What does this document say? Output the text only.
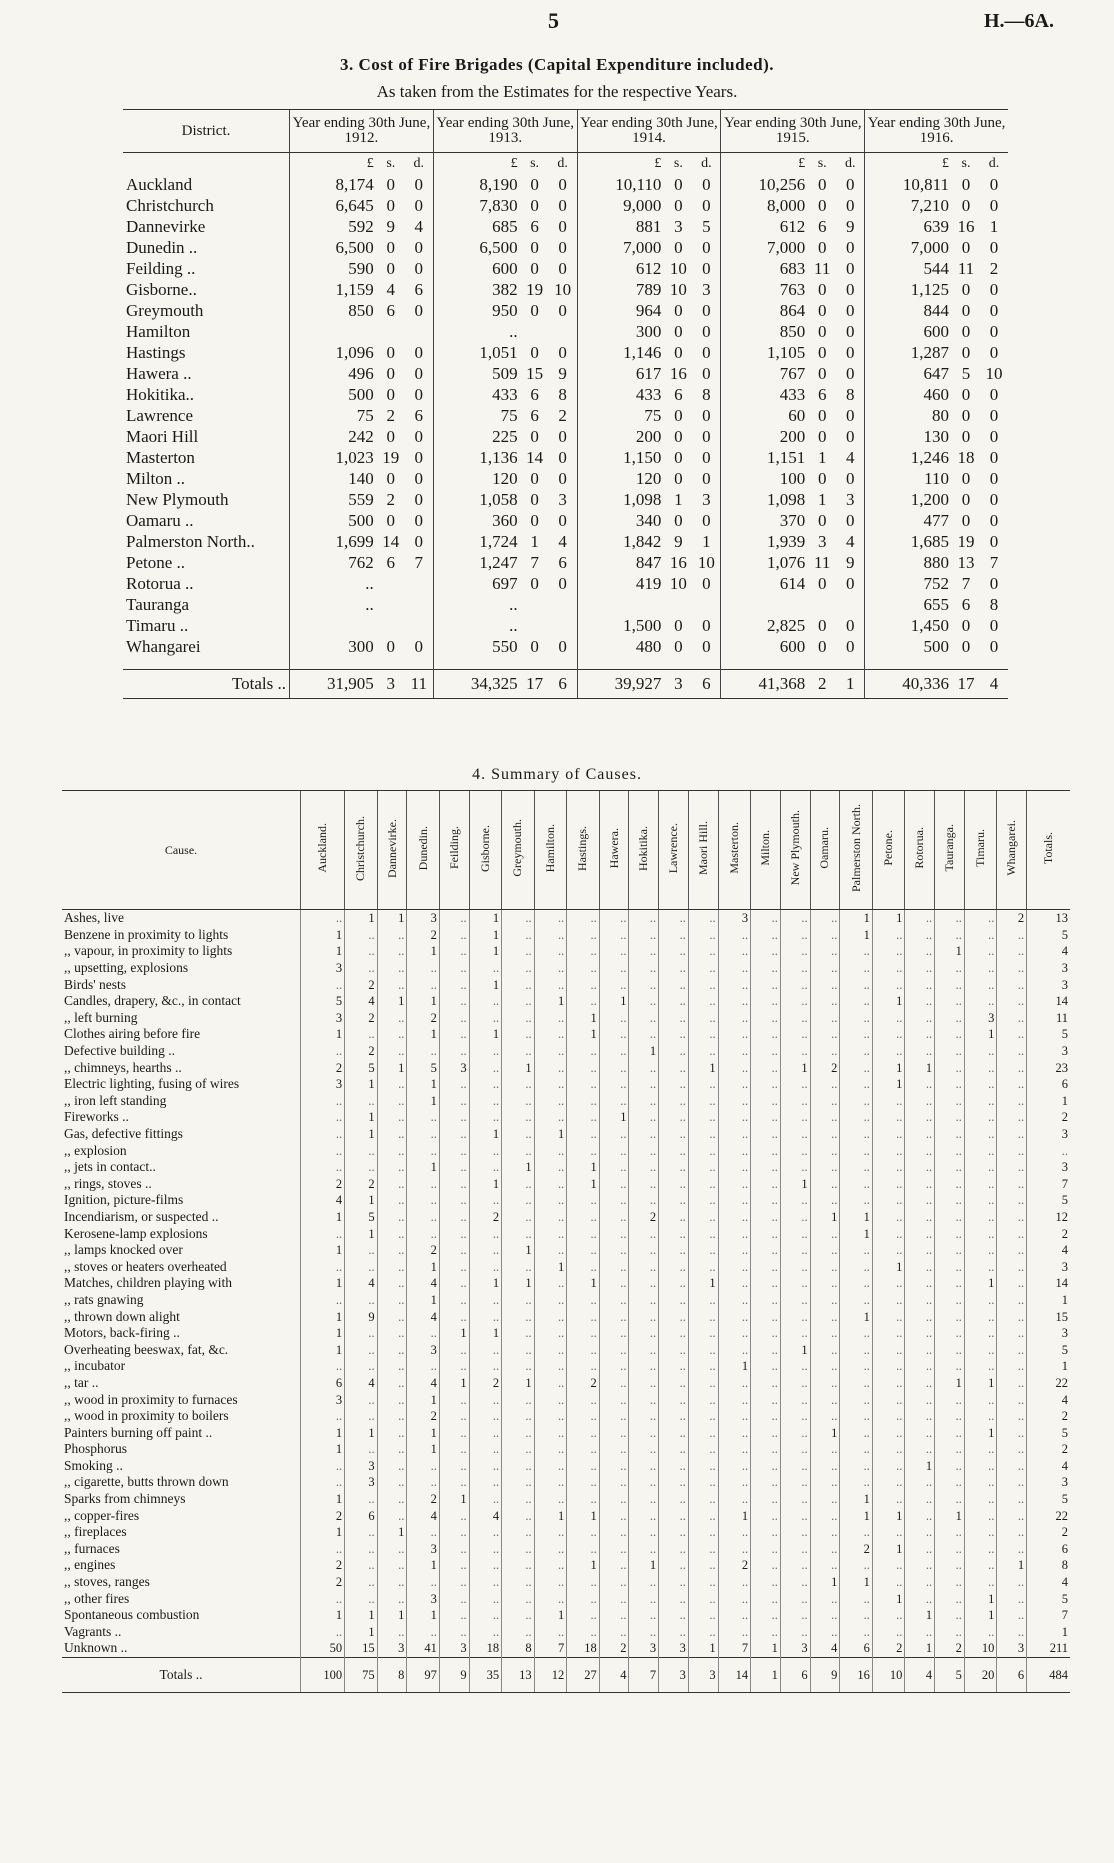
5	H.—6A.
3. Cost of Fire Brigades (Capital Expenditure included).
As taken from the Estimates for the respective Years.
District.	Year ending 30th June, 1912.			Year ending 30th June, 1913.			Year ending 30th June, 1914.			Year ending 30th June, 1915.			Year ending 30th June, 1916.		
	£	s.	d.	£	s.	d.	£	s.	d.	£	s.	d.	£	s.	d.
Auckland	8,174	0	0	8,190	0	0	10,110	0	0	10,256	0	0	10,811	0	0
Christchurch	6,645	0	0	7,830	0	0	9,000	0	0	8,000	0	0	7,210	0	0
Dannevirke	592	9	4	685	6	0	881	3	5	612	6	9	639	16	1
Dunedin ..	6,500	0	0	6,500	0	0	7,000	0	0	7,000	0	0	7,000	0	0
Feilding ..	590	0	0	600	0	0	612	10	0	683	11	0	544	11	2
Gisborne..	1,159	4	6	382	19	10	789	10	3	763	0	0	1,125	0	0
Greymouth	850	6	0	950	0	0	964	0	0	864	0	0	844	0	0
Hamilton				..			300	0	0	850	0	0	600	0	0
Hastings	1,096	0	0	1,051	0	0	1,146	0	0	1,105	0	0	1,287	0	0
Hawera ..	496	0	0	509	15	9	617	16	0	767	0	0	647	5	10
Hokitika..	500	0	0	433	6	8	433	6	8	433	6	8	460	0	0
Lawrence	75	2	6	75	6	2	75	0	0	60	0	0	80	0	0
Maori Hill	242	0	0	225	0	0	200	0	0	200	0	0	130	0	0
Masterton	1,023	19	0	1,136	14	0	1,150	0	0	1,151	1	4	1,246	18	0
Milton ..	140	0	0	120	0	0	120	0	0	100	0	0	110	0	0
New Plymouth	559	2	0	1,058	0	3	1,098	1	3	1,098	1	3	1,200	0	0
Oamaru ..	500	0	0	360	0	0	340	0	0	370	0	0	477	0	0
Palmerston North..	1,699	14	0	1,724	1	4	1,842	9	1	1,939	3	4	1,685	19	0
Petone ..	762	6	7	1,247	7	6	847	16	10	1,076	11	9	880	13	7
Rotorua ..	..			697	0	0	419	10	0	614	0	0	752	7	0
Tauranga	..			..									655	6	8
Timaru ..				..			1,500	0	0	2,825	0	0	1,450	0	0
Whangarei	300	0	0	550	0	0	480	0	0	600	0	0	500	0	0

Totals ..	31,905	3	11	34,325	17	6	39,927	3	6	41,368	2	1	40,336	17	4
4. Summary of Causes.
Cause.	Auckland.	Christchurch.	Dannevirke.	Dunedin.	Feilding.	Gisborne.	Greymouth.	Hamilton.	Hastings.	Hawera.	Hokitika.	Lawrence.	Maori Hill.	Masterton.	Milton.	New Plymouth.	Oamaru.	Palmerston North.	Petone.	Rotorua.	Tauranga.	Timaru.	Whangarei.	Totals.
Ashes, live	..	1	1	3	..	1	..	..	..	..	..	..	..	3	..	..	..	1	1	..	..	..	2	13
Benzene in proximity to lights	1	..	..	2	..	1	..	..	..	..	..	..	..	..	..	..	..	1	..	..	..	..	..	5
,, vapour, in proximity to lights	1	..	..	1	..	1	..	..	..	..	..	..	..	..	..	..	..	..	..	..	1	..	..	4
,, upsetting, explosions	3	..	..	..	..	..	..	..	..	..	..	..	..	..	..	..	..	..	..	..	..	..	..	3
Birds' nests	..	2	..	..	..	1	..	..	..	..	..	..	..	..	..	..	..	..	..	..	..	..	..	3
Candles, drapery, &c., in contact	5	4	1	1	..	..	..	1	..	1	..	..	..	..	..	..	..	..	1	..	..	..	..	14
,, left burning	3	2	..	2	..	..	..	..	1	..	..	..	..	..	..	..	..	..	..	..	..	3	..	11
Clothes airing before fire	1	..	..	1	..	1	..	..	1	..	..	..	..	..	..	..	..	..	..	..	..	1	..	5
Defective building ..	..	2	..	..	..	..	..	..	..	..	1	..	..	..	..	..	..	..	..	..	..	..	..	3
,, chimneys, hearths ..	2	5	1	5	3	..	1	..	..	..	..	..	1	..	..	1	2	..	1	1	..	..	..	23
Electric lighting, fusing of wires	3	1	..	1	..	..	..	..	..	..	..	..	..	..	..	..	..	..	1	..	..	..	..	6
,, iron left standing	..	..	..	1	..	..	..	..	..	..	..	..	..	..	..	..	..	..	..	..	..	..	..	1
Fireworks ..	..	1	..	..	..	..	..	..	..	1	..	..	..	..	..	..	..	..	..	..	..	..	..	2
Gas, defective fittings	..	1	..	..	..	1	..	1	..	..	..	..	..	..	..	..	..	..	..	..	..	..	..	3
,, explosion	..	..	..	..	..	..	..	..	..	..	..	..	..	..	..	..	..	..	..	..	..	..	..	..
,, jets in contact..	..	..	..	1	..	..	1	..	1	..	..	..	..	..	..	..	..	..	..	..	..	..	..	3
,, rings, stoves ..	2	2	..	..	..	1	..	..	1	..	..	..	..	..	..	1	..	..	..	..	..	..	..	7
Ignition, picture-films	4	1	..	..	..	..	..	..	..	..	..	..	..	..	..	..	..	..	..	..	..	..	..	5
Incendiarism, or suspected ..	1	5	..	..	..	2	..	..	..	..	2	..	..	..	..	..	1	1	..	..	..	..	..	12
Kerosene-lamp explosions	..	1	..	..	..	..	..	..	..	..	..	..	..	..	..	..	..	1	..	..	..	..	..	2
,, lamps knocked over	1	..	..	2	..	..	1	..	..	..	..	..	..	..	..	..	..	..	..	..	..	..	..	4
,, stoves or heaters overheated	..	..	..	1	..	..	..	1	..	..	..	..	..	..	..	..	..	..	1	..	..	..	..	3
Matches, children playing with	1	4	..	4	..	1	1	..	1	..	..	..	1	..	..	..	..	..	..	..	..	1	..	14
,, rats gnawing	..	..	..	1	..	..	..	..	..	..	..	..	..	..	..	..	..	..	..	..	..	..	..	1
,, thrown down alight	1	9	..	4	..	..	..	..	..	..	..	..	..	..	..	..	..	1	..	..	..	..	..	15
Motors, back-firing ..	1	..	..	..	1	1	..	..	..	..	..	..	..	..	..	..	..	..	..	..	..	..	..	3
Overheating beeswax, fat, &c.	1	..	..	3	..	..	..	..	..	..	..	..	..	..	..	1	..	..	..	..	..	..	..	5
,, incubator	..	..	..	..	..	..	..	..	..	..	..	..	..	1	..	..	..	..	..	..	..	..	..	1
,, tar ..	6	4	..	4	1	2	1	..	2	..	..	..	..	..	..	..	..	..	..	..	1	1	..	22
,, wood in proximity to furnaces	3	..	..	1	..	..	..	..	..	..	..	..	..	..	..	..	..	..	..	..	..	..	..	4
,, wood in proximity to boilers	..	..	..	2	..	..	..	..	..	..	..	..	..	..	..	..	..	..	..	..	..	..	..	2
Painters burning off paint ..	1	1	..	1	..	..	..	..	..	..	..	..	..	..	..	..	1	..	..	..	..	1	..	5
Phosphorus	1	..	..	1	..	..	..	..	..	..	..	..	..	..	..	..	..	..	..	..	..	..	..	2
Smoking ..	..	3	..	..	..	..	..	..	..	..	..	..	..	..	..	..	..	..	..	1	..	..	..	4
,, cigarette, butts thrown down	..	3	..	..	..	..	..	..	..	..	..	..	..	..	..	..	..	..	..	..	..	..	..	3
Sparks from chimneys	1	..	..	2	1	..	..	..	..	..	..	..	..	..	..	..	..	1	..	..	..	..	..	5
,, copper-fires	2	6	..	4	..	4	..	1	1	..	..	..	..	1	..	..	..	1	1	..	1	..	..	22
,, fireplaces	1	..	1	..	..	..	..	..	..	..	..	..	..	..	..	..	..	..	..	..	..	..	..	2
,, furnaces	..	..	..	3	..	..	..	..	..	..	..	..	..	..	..	..	..	2	1	..	..	..	..	6
,, engines	2	..	..	1	..	..	..	..	1	..	1	..	..	2	..	..	..	..	..	..	..	..	1	8
,, stoves, ranges	2	..	..	..	..	..	..	..	..	..	..	..	..	..	..	..	1	1	..	..	..	..	..	4
,, other fires	..	..	..	3	..	..	..	..	..	..	..	..	..	..	..	..	..	..	1	..	..	1	..	5
Spontaneous combustion	1	1	1	1	..	..	..	1	..	..	..	..	..	..	..	..	..	..	..	1	..	1	..	7
Vagrants ..	..	1	..	..	..	..	..	..	..	..	..	..	..	..	..	..	..	..	..	..	..	..	..	1
Unknown ..	50	15	3	41	3	18	8	7	18	2	3	3	1	7	1	3	4	6	2	1	2	10	3	211
Totals ..	100	75	8	97	9	35	13	12	27	4	7	3	3	14	1	6	9	16	10	4	5	20	6	484
